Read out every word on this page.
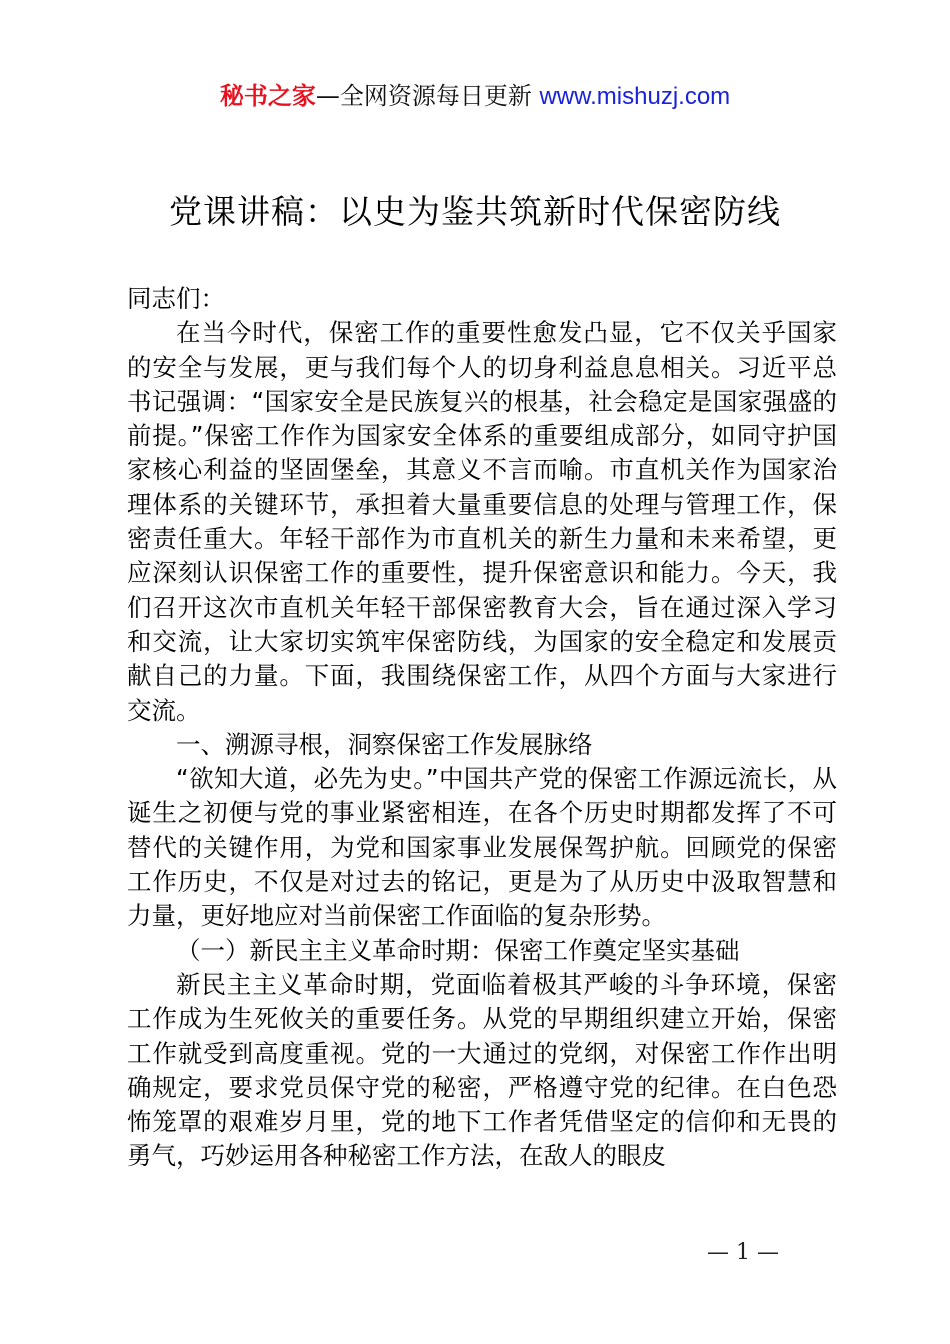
秘书之家—全网资源每日更新 www.mishuzj.com
党课讲稿：以史为鉴共筑新时代保密防线

同志们：

在当今时代，保密工作的重要性愈发凸显，它不仅关乎国家的安全与发展，更与我们每个人的切身利益息息相关。习近平总书记强调：“国家安全是民族复兴的根基，社会稳定是国家强盛的前提。”保密工作作为国家安全体系的重要组成部分，如同守护国家核心利益的坚固堡垒，其意义不言而喻。市直机关作为国家治理体系的关键环节，承担着大量重要信息的处理与管理工作，保密责任重大。年轻干部作为市直机关的新生力量和未来希望，更应深刻认识保密工作的重要性，提升保密意识和能力。今天，我们召开这次市直机关年轻干部保密教育大会，旨在通过深入学习和交流，让大家切实筑牢保密防线，为国家的安全稳定和发展贡献自己的力量。下面，我围绕保密工作，从四个方面与大家进行交流。

一、溯源寻根，洞察保密工作发展脉络

“欲知大道，必先为史。”中国共产党的保密工作源远流长，从诞生之初便与党的事业紧密相连，在各个历史时期都发挥了不可替代的关键作用，为党和国家事业发展保驾护航。回顾党的保密工作历史，不仅是对过去的铭记，更是为了从历史中汲取智慧和力量，更好地应对当前保密工作面临的复杂形势。

（一）新民主主义革命时期：保密工作奠定坚实基础

新民主主义革命时期，党面临着极其严峻的斗争环境，保密工作成为生死攸关的重要任务。从党的早期组织建立开始，保密工作就受到高度重视。党的一大通过的党纲，对保密工作作出明确规定，要求党员保守党的秘密，严格遵守党的纪律。在白色恐怖笼罩的艰难岁月里，党的地下工作者凭借坚定的信仰和无畏的勇气，巧妙运用各种秘密工作方法，在敌人的眼皮

— 1 —
